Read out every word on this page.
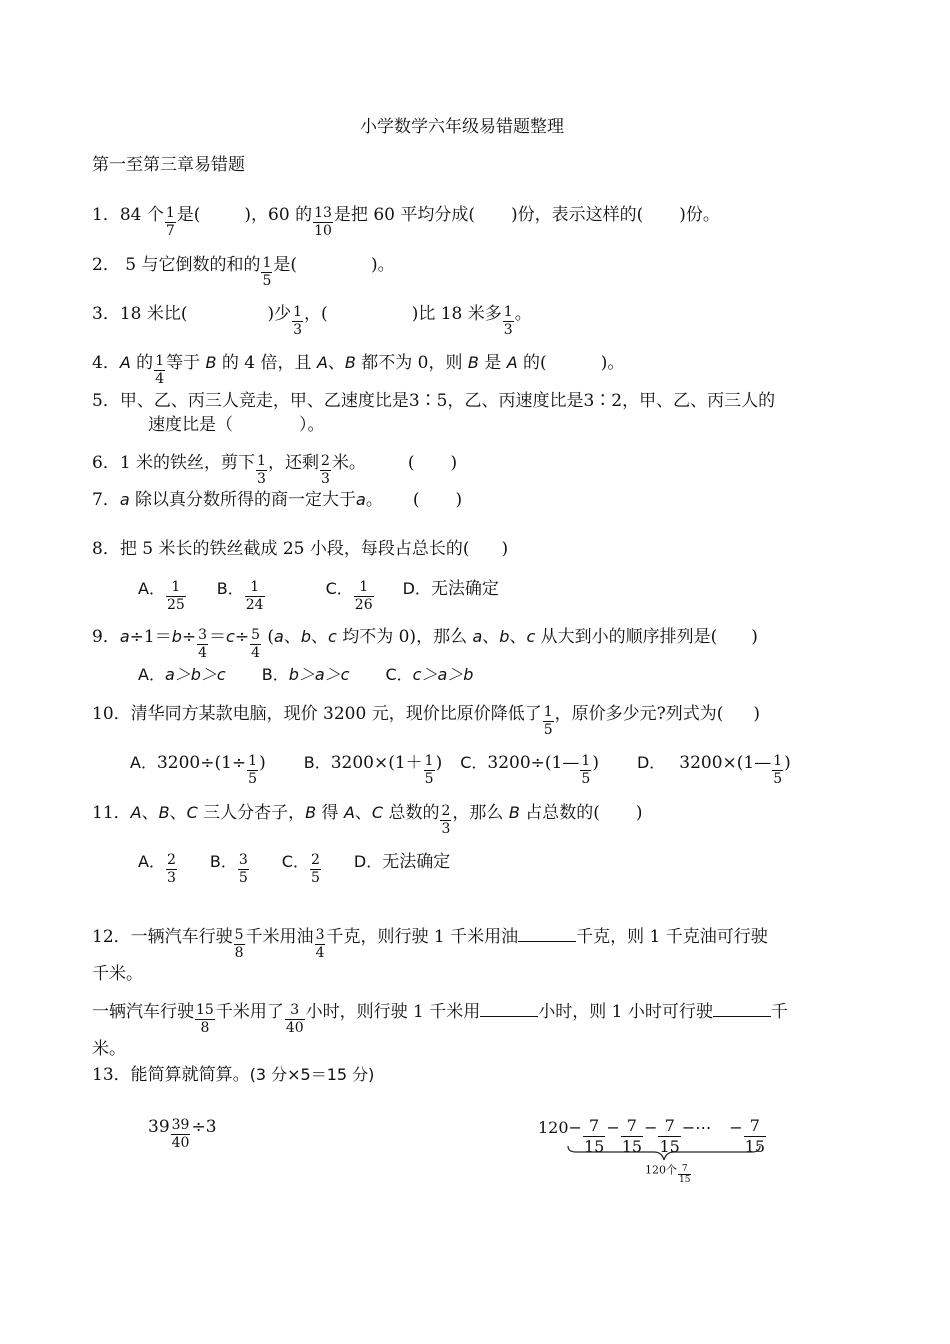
小学数学六年级易错题整理
第一至第三章易错题
1．84 个 $\frac{1}{7}$ 是(	)，60 的 $\frac{13}{10}$ 是把 60 平均分成( )份，表示这样的( )份。
2． 5 与它倒数的和的 $\frac{1}{5}$ 是(	)。
3．18 米比(	)少 $\frac{1}{3}$ ，(	)比 18 米多 $\frac{1}{3}$ 。
4．A 的 $\frac{1}{4}$ 等于 B 的 4 倍，且 A、B 都不为 0，则 B 是 A 的(	)。
5．甲、乙、丙三人竞走，甲、乙速度比是3∶5，乙、丙速度比是3∶2，甲、乙、丙三人的
速度比是（	）。
6．1 米的铁丝，剪下 $\frac{1}{3}$ ，还剩 $\frac{2}{3}$ 米。 ( )
7．a 除以真分数所得的商一定大于a。 ( )
8．把 5 米长的铁丝截成 25 小段，每段占总长的( )
A． $\frac{1}{25}$ B． $\frac{1}{24}$	C． $\frac{1}{26}$ D．无法确定
9．$a\div 1=b\div \frac{3}{4} =c\div \frac{5}{4} (a$、b、c 均不为 0)，那么 a、b、c 从大到小的顺序排列是( )
A．a＞b＞c B．b＞a＞c C．c＞a＞b
10．清华同方某款电脑，现价 3200 元，现价比原价降低了 $\frac{1}{5}$ ，原价多少元?列式为( )
A．$3200\div(1\div \frac{1}{5}$ ) B．$3200\times(1+ \frac{1}{5}$ ) C．3200÷(1— $\frac{1}{5}$ ) D． 3200×(1— $\frac{1}{5}$ )
11．A、B、C 三人分杏子，B 得 A、C 总数的 $\frac{2}{3}$ ，那么 B 占总数的( )
A． $\frac{2}{3}$ B． $\frac{3}{5}$ C． $\frac{2}{5}$ D．无法确定
12．一辆汽车行驶 $\frac{5}{8}$ 千米用油 $\frac{3}{4}$ 千克，则行驶 1 千米用油	千克，则 1 千克油可行驶
千米。
一辆汽车行驶 $\frac{15}{8}$ 千米用了 $\frac{3}{40}$ 小时，则行驶 1 千米用	小时，则 1 小时可行驶	千
米。
13．能简算就简算。(3 分×5＝15 分)
$39 \frac{39}{40} \div 3$	$120- \frac{7}{15} - \frac{7}{15} - \frac{7}{15}$ −⋯ − $\frac{7}{15}$
120个 $\frac{7}{15}$
